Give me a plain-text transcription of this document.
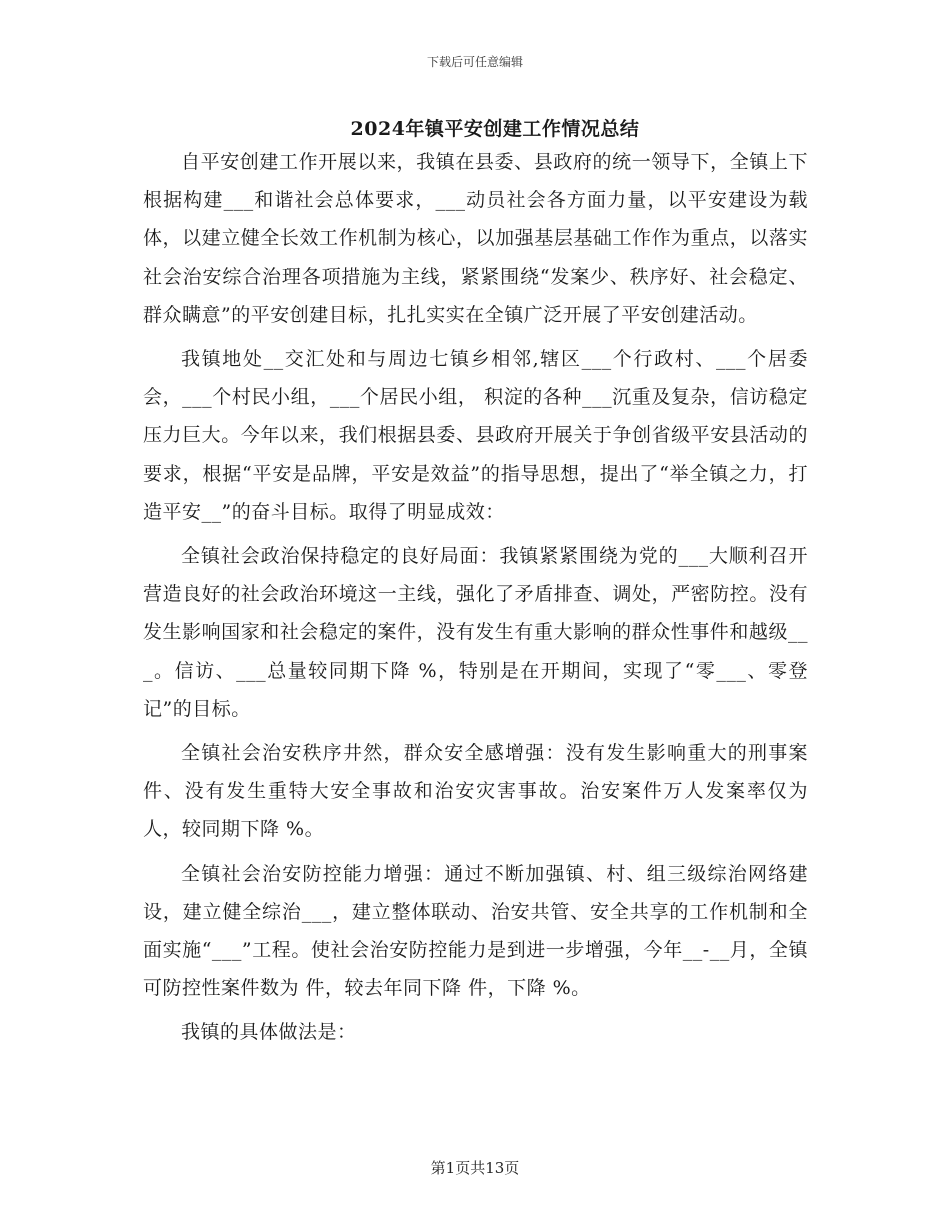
下载后可任意编辑
2024年镇平安创建工作情况总结

自平安创建工作开展以来，我镇在县委、县政府的统一领导下，全镇上下根据构建___和谐社会总体要求，___动员社会各方面力量，以平安建设为载体，以建立健全长效工作机制为核心，以加强基层基础工作作为重点，以落实社会治安综合治理各项措施为主线，紧紧围绕“发案少、秩序好、社会稳定、群众瞒意”的平安创建目标，扎扎实实在全镇广泛开展了平安创建活动。

我镇地处__交汇处和与周边七镇乡相邻,辖区___个行政村、___个居委会，___个村民小组，___个居民小组， 积淀的各种___沉重及复杂，信访稳定压力巨大。今年以来，我们根据县委、县政府开展关于争创省级平安县活动的要求，根据“平安是品牌，平安是效益”的指导思想，提出了“举全镇之力，打造平安__”的奋斗目标。取得了明显成效：

全镇社会政治保持稳定的良好局面：我镇紧紧围绕为党的___大顺利召开营造良好的社会政治环境这一主线，强化了矛盾排查、调处，严密防控。没有发生影响国家和社会稳定的案件，没有发生有重大影响的群众性事件和越级___。信访、___总量较同期下降 %，特别是在开期间，实现了“零___、零登记”的目标。

全镇社会治安秩序井然，群众安全感增强：没有发生影响重大的刑事案件、没有发生重特大安全事故和治安灾害事故。治安案件万人发案率仅为 人，较同期下降 %。

全镇社会治安防控能力增强：通过不断加强镇、村、组三级综治网络建设，建立健全综治___，建立整体联动、治安共管、安全共享的工作机制和全面实施“___”工程。使社会治安防控能力是到进一步增强，今年__-__月，全镇可防控性案件数为 件，较去年同下降 件，下降 %。

我镇的具体做法是：

第1页共13页
